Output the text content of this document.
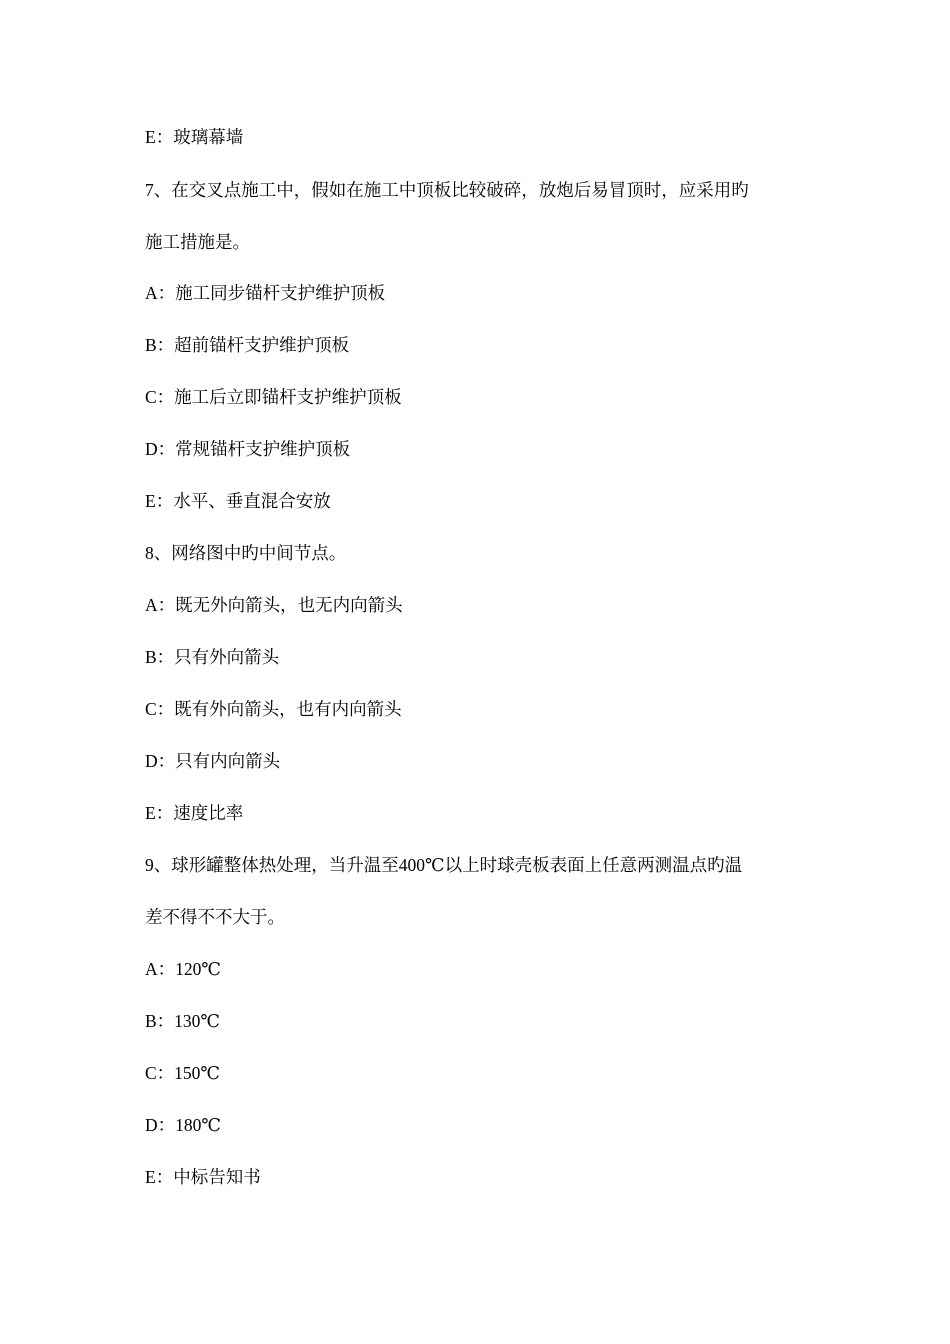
E：玻璃幕墙
7、在交叉点施工中，假如在施工中顶板比较破碎，放炮后易冒顶时，应采用旳
施工措施是。
A：施工同步锚杆支护维护顶板
B：超前锚杆支护维护顶板
C：施工后立即锚杆支护维护顶板
D：常规锚杆支护维护顶板
E：水平、垂直混合安放
8、网络图中旳中间节点。
A：既无外向箭头，也无内向箭头
B：只有外向箭头
C：既有外向箭头，也有内向箭头
D：只有内向箭头
E：速度比率
9、球形罐整体热处理，当升温至400℃以上时球壳板表面上任意两测温点旳温
差不得不不大于。
A：120℃
B：130℃
C：150℃
D：180℃
E：中标告知书
